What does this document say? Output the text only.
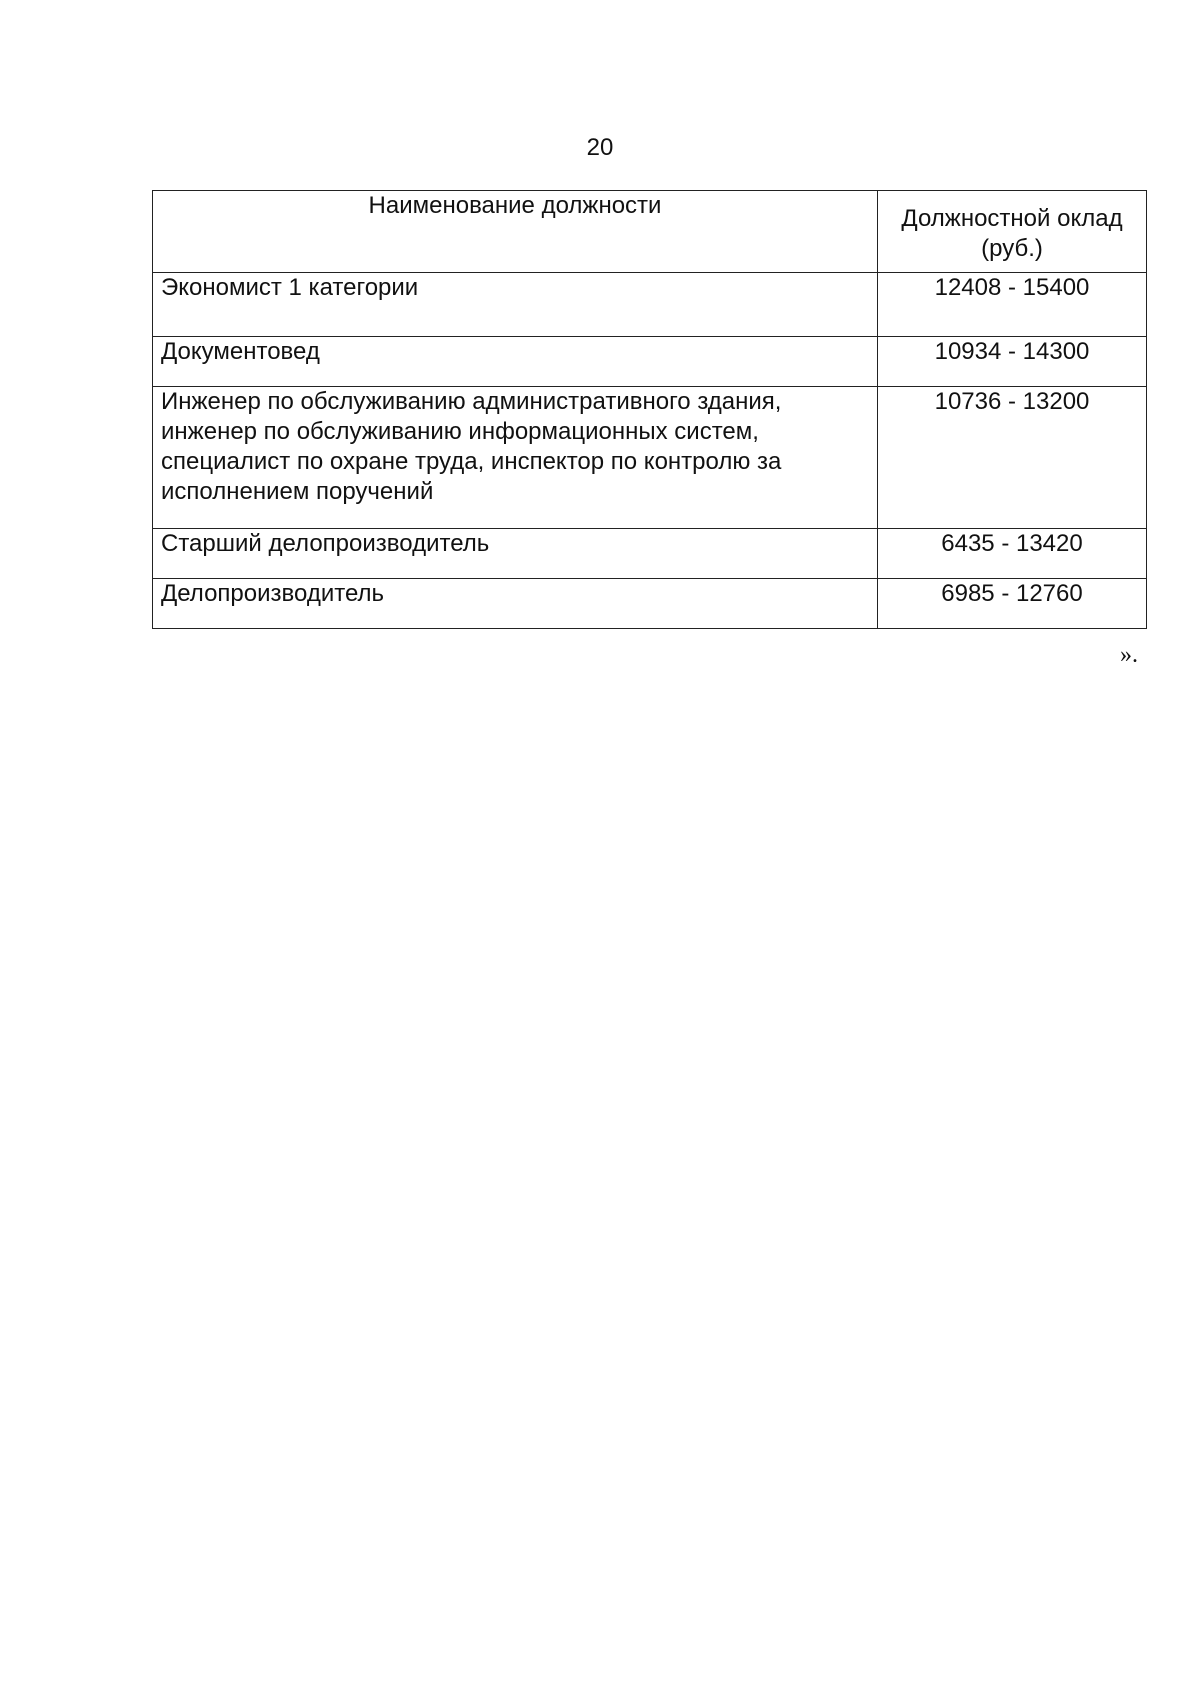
20
Наименование должности	Должностной оклад (руб.)
Экономист 1 категории	12408 - 15400
Документовед	10934 - 14300
Инженер по обслуживанию административного здания, инженер по обслуживанию информационных систем, специалист по охране труда, инспектор по контролю за исполнением поручений	10736 - 13200
Старший делопроизводитель	6435 - 13420
Делопроизводитель	6985 - 12760
».
